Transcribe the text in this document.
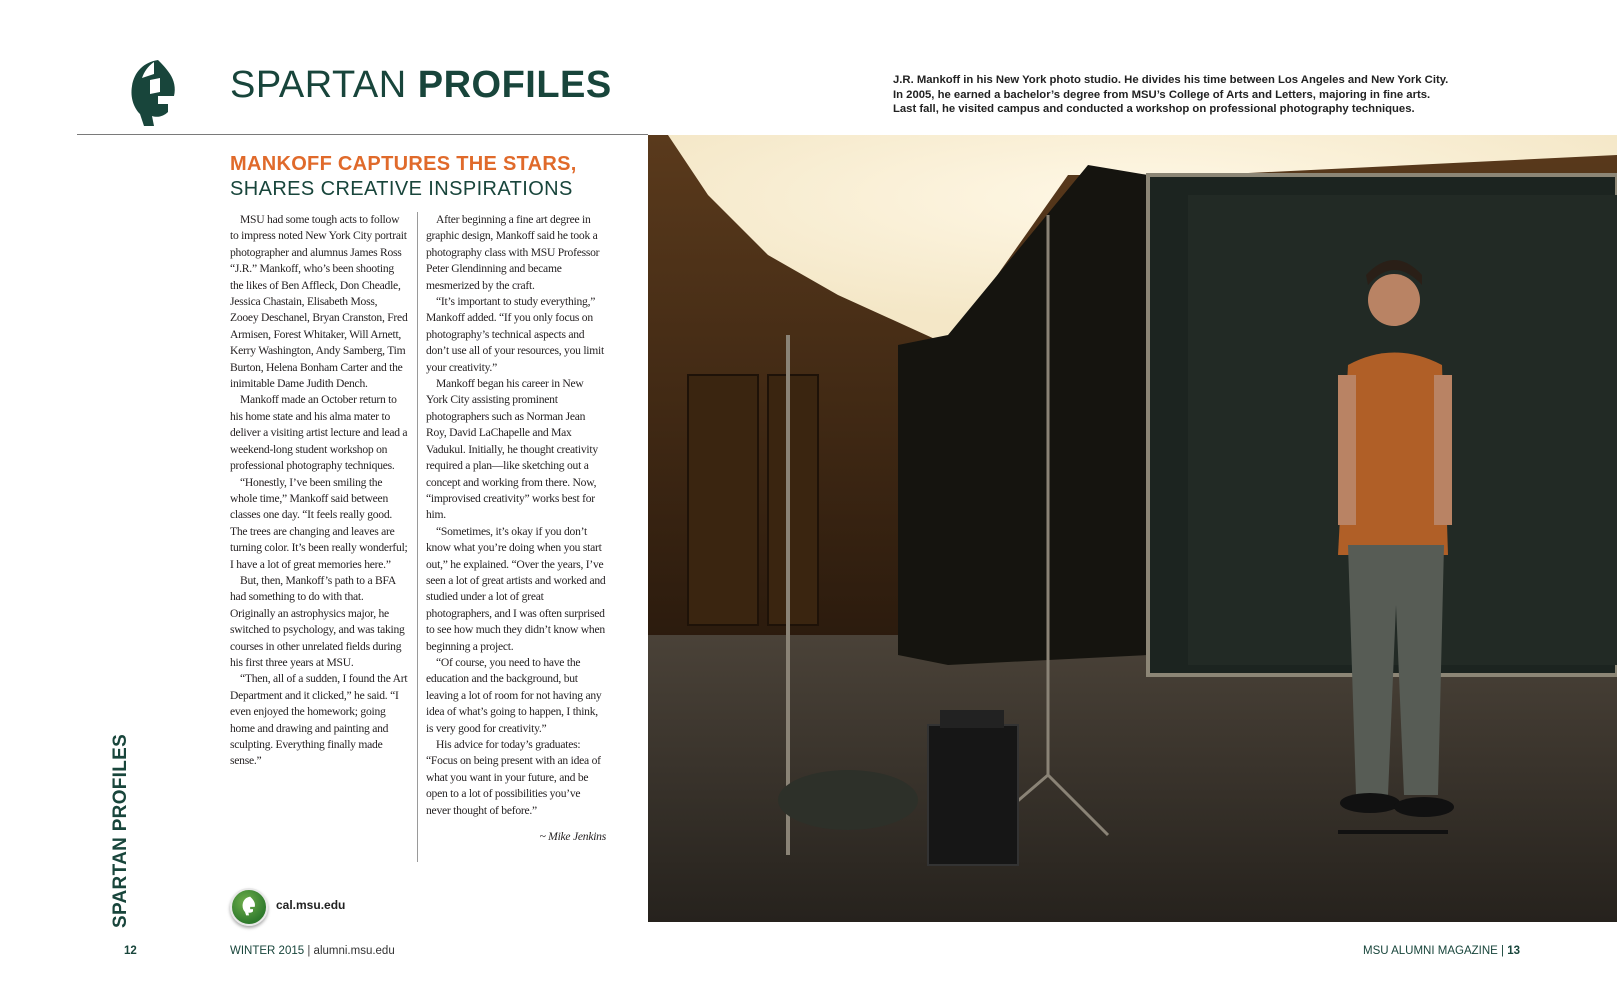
SPARTAN PROFILES	J.R. Mankoff in his New York photo studio. He divides his time between Los Angeles and New York City.
In 2005, he earned a bachelor’s degree from MSU’s College of Arts and Letters, majoring in fine arts.
Last fall, he visited campus and conducted a workshop on professional photography techniques.
MANKOFF CAPTURES THE STARS,
SHARES CREATIVE INSPIRATIONS

MSU had some tough acts to follow to impress noted New York City portrait photographer and alumnus James Ross “J.R.” Mankoff, who’s been shooting the likes of Ben Affleck, Don Cheadle, Jessica Chastain, Elisabeth Moss, Zooey Deschanel, Bryan Cranston, Fred Armisen, Forest Whitaker, Will Arnett, Kerry Washington, Andy Samberg, Tim Burton, Helena Bonham Carter and the inimitable Dame Judith Dench.

Mankoff made an October return to his home state and his alma mater to deliver a visiting artist lecture and lead a weekend-long student workshop on professional photography techniques.

“Honestly, I’ve been smiling the whole time,” Mankoff said between classes one day. “It feels really good. The trees are changing and leaves are turning color. It’s been really wonderful; I have a lot of great memories here.”

But, then, Mankoff’s path to a BFA had something to do with that. Originally an astrophysics major, he switched to psychology, and was taking courses in other unrelated fields during his first three years at MSU.

“Then, all of a sudden, I found the Art Department and it clicked,” he said. “I even enjoyed the homework; going home and drawing and painting and sculpting. Everything finally made sense.”

After beginning a fine art degree in graphic design, Mankoff said he took a photography class with MSU Professor Peter Glendinning and became mesmerized by the craft.

“It’s important to study everything,” Mankoff added. “If you only focus on photography’s technical aspects and don’t use all of your resources, you limit your creativity.”

Mankoff began his career in New York City assisting prominent photographers such as Norman Jean Roy, David LaChapelle and Max Vadukul. Initially, he thought creativity required a plan—like sketching out a concept and working from there. Now, “improvised creativity” works best for him.

“Sometimes, it’s okay if you don’t know what you’re doing when you start out,” he explained. “Over the years, I’ve seen a lot of great artists and worked and studied under a lot of great photographers, and I was often surprised to see how much they didn’t know when beginning a project.

“Of course, you need to have the education and the background, but leaving a lot of room for not having any idea of what’s going to happen, I think, is very good for creativity.”

His advice for today’s graduates: “Focus on being present with an idea of what you want in your future, and be open to a lot of possibilities you’ve never thought of before.”

~ Mike Jenkins

SPARTAN PROFILES	cal.msu.edu
12	WINTER 2015 | alumni.msu.edu	MSU ALUMNI MAGAZINE | 13
